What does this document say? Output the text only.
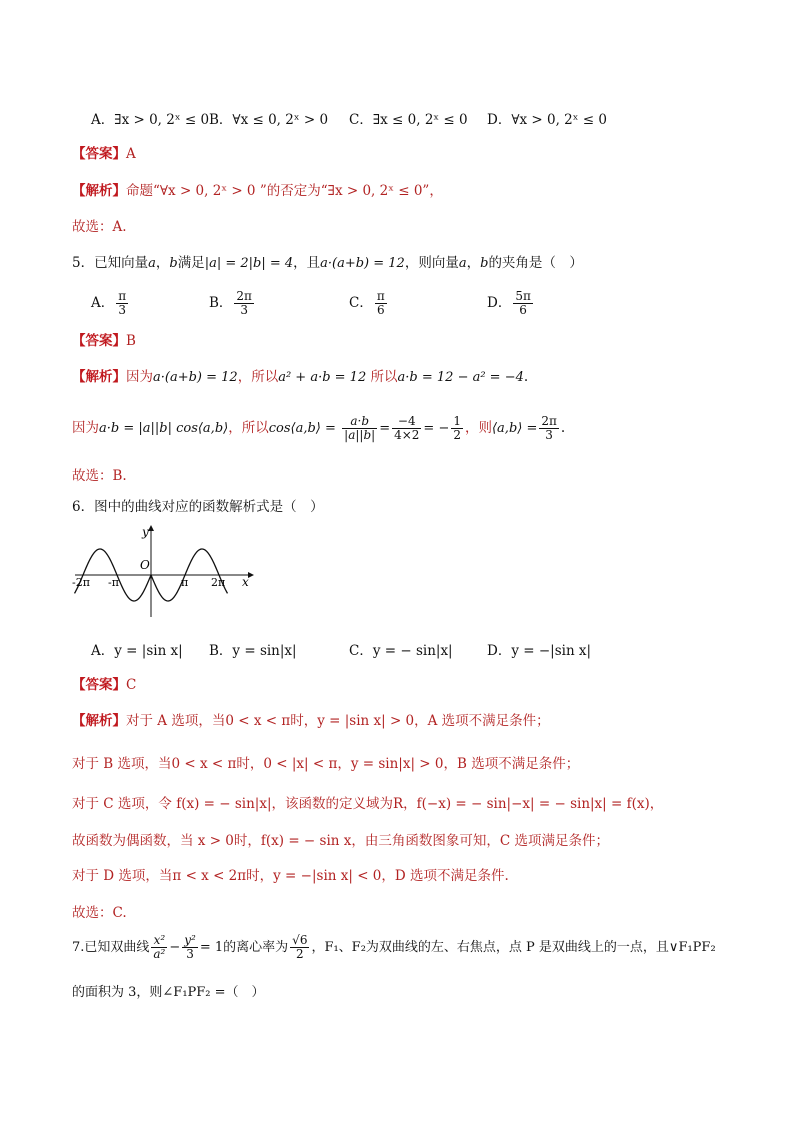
A．∃x > 0, 2ˣ ≤ 0 B．∀x ≤ 0, 2ˣ > 0 C．∃x ≤ 0, 2ˣ ≤ 0 D．∀x > 0, 2ˣ ≤ 0
【答案】A
【解析】命题“∀x > 0, 2ˣ > 0 ”的否定为“∃x > 0, 2ˣ ≤ 0”，
故选：A.
5．已知向量a，b满足|a| = 2|b| = 4，且a·(a+b) = 12，则向量a，b的夹角是（　）
A． $\frac{\pi}{3}$	B． $\frac{2\pi}{3}$	C． $\frac{\pi}{6}$	D． $\frac{5\pi}{6}$
【答案】B
【解析】因为a·(a+b) = 12，所以a² + a·b = 12 所以a·b = 12 − a² = −4.
因为a·b = |a||b| cos⟨a,b⟩，所以cos⟨a,b⟩ = $\frac{a\cdot b}{|a||b|} = \frac{-4}{4\times 2}$ = − $\frac{1}{2}$ ，则⟨a,b⟩ = $\frac{2\pi}{3}$ .
故选：B.
6．图中的曲线对应的函数解析式是（　）
y
x
O
-2π -π	π 2π
A．y = |sin x| B．y = sin|x|	C．y = − sin|x|	D．y = −|sin x|
【答案】C
【解析】对于 A 选项，当0 < x < π时，y = |sin x| > 0，A 选项不满足条件；
对于 B 选项，当0 < x < π时，0 < |x| < π，y = sin|x| > 0，B 选项不满足条件；
对于 C 选项，令 f(x) = − sin|x|，该函数的定义域为R，f(−x) = − sin|−x| = − sin|x| = f(x)，
故函数为偶函数，当 x > 0时，f(x) = − sin x，由三角函数图象可知，C 选项满足条件；
对于 D 选项，当π < x < 2π时，y = −|sin x| < 0，D 选项不满足条件.
故选：C.
7.已知双曲线 $\frac{\text{x²}}{\text{a²}} - \frac{\text{y²}}{3} = 1$的离心率为 $\frac{√6}{2}$ ，F₁、F₂为双曲线的左、右焦点，点 P 是双曲线上的一点，且∨F₁PF₂
的面积为 3，则∠F₁PF₂ =（　）
